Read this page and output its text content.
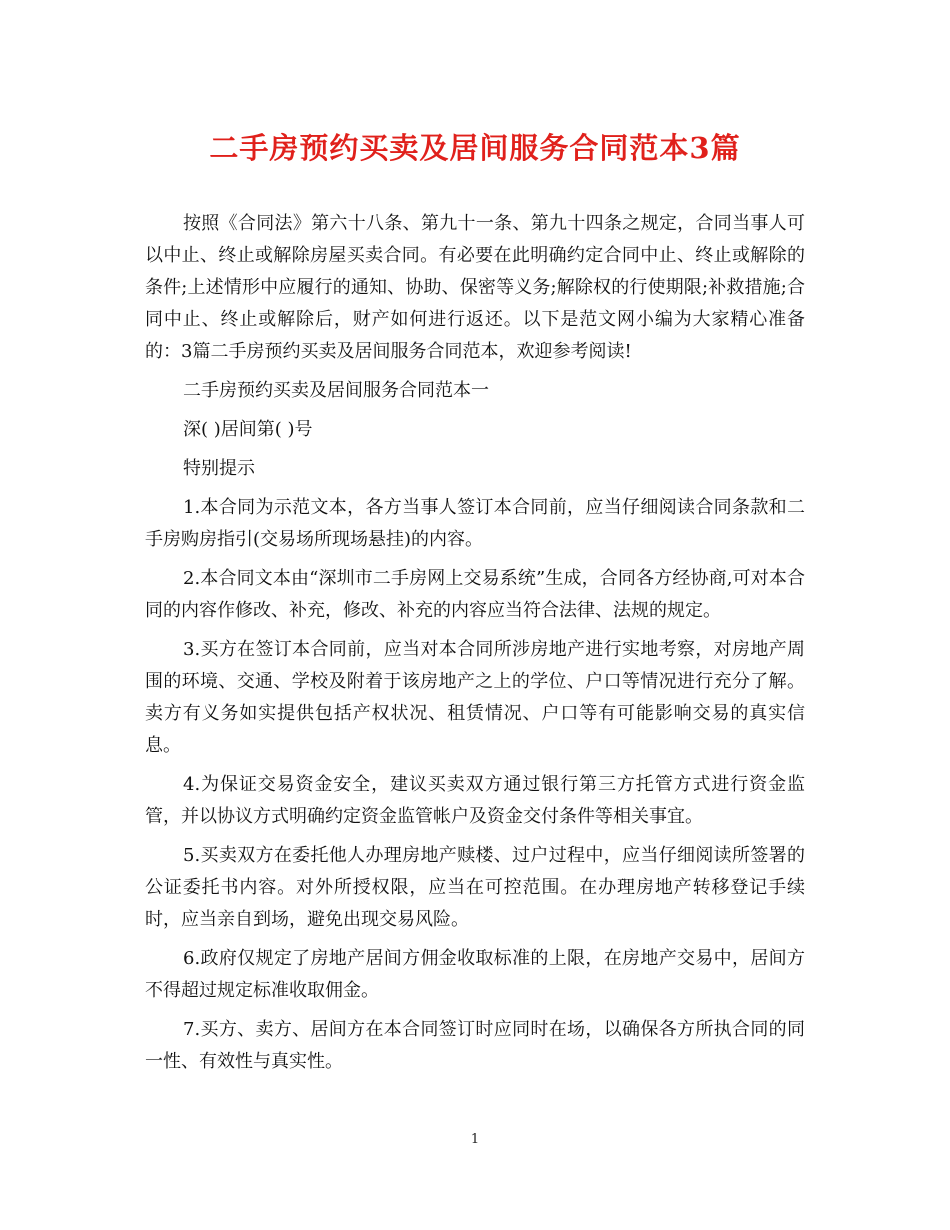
二手房预约买卖及居间服务合同范本3篇

按照《合同法》第六十八条、第九十一条、第九十四条之规定，合同当事人可以中止、终止或解除房屋买卖合同。有必要在此明确约定合同中止、终止或解除的条件;上述情形中应履行的通知、协助、保密等义务;解除权的行使期限;补救措施;合同中止、终止或解除后，财产如何进行返还。以下是范文网小编为大家精心准备的：3篇二手房预约买卖及居间服务合同范本，欢迎参考阅读!

二手房预约买卖及居间服务合同范本一

深( )居间第( )号

特别提示

1.本合同为示范文本，各方当事人签订本合同前，应当仔细阅读合同条款和二手房购房指引(交易场所现场悬挂)的内容。

2.本合同文本由“深圳市二手房网上交易系统”生成，合同各方经协商,可对本合同的内容作修改、补充，修改、补充的内容应当符合法律、法规的规定。

3.买方在签订本合同前，应当对本合同所涉房地产进行实地考察，对房地产周围的环境、交通、学校及附着于该房地产之上的学位、户口等情况进行充分了解。卖方有义务如实提供包括产权状况、租赁情况、户口等有可能影响交易的真实信息。

4.为保证交易资金安全，建议买卖双方通过银行第三方托管方式进行资金监管，并以协议方式明确约定资金监管帐户及资金交付条件等相关事宜。

5.买卖双方在委托他人办理房地产赎楼、过户过程中，应当仔细阅读所签署的公证委托书内容。对外所授权限，应当在可控范围。在办理房地产转移登记手续时，应当亲自到场，避免出现交易风险。

6.政府仅规定了房地产居间方佣金收取标准的上限，在房地产交易中，居间方不得超过规定标准收取佣金。

7.买方、卖方、居间方在本合同签订时应同时在场，以确保各方所执合同的同一性、有效性与真实性。

1
